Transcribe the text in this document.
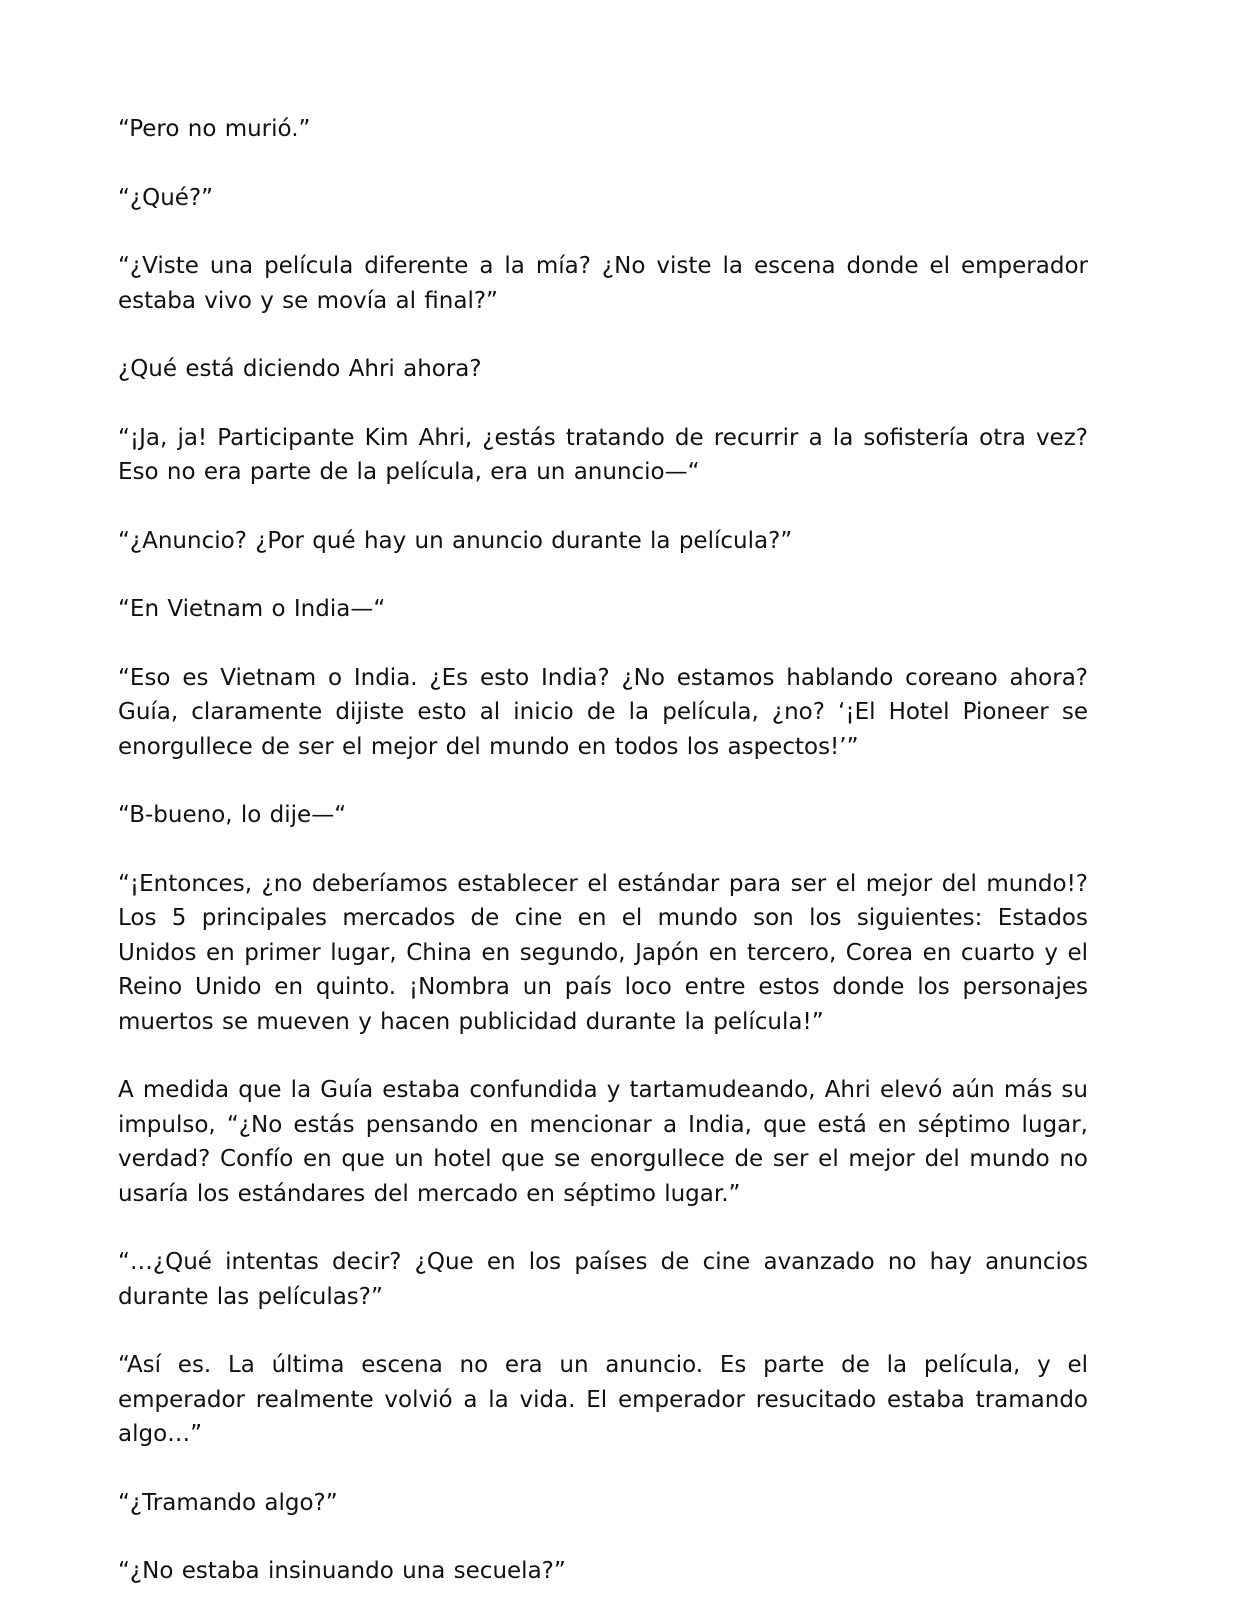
“Pero no murió.”

“¿Qué?”

“¿Viste una película diferente a la mía? ¿No viste la escena donde el emperador estaba vivo y se movía al final?”

¿Qué está diciendo Ahri ahora?

“¡Ja, ja! Participante Kim Ahri, ¿estás tratando de recurrir a la sofistería otra vez? Eso no era parte de la película, era un anuncio—“

“¿Anuncio? ¿Por qué hay un anuncio durante la película?”

“En Vietnam o India—“

“Eso es Vietnam o India. ¿Es esto India? ¿No estamos hablando coreano ahora? Guía, claramente dijiste esto al inicio de la película, ¿no? ‘¡El Hotel Pioneer se enorgullece de ser el mejor del mundo en todos los aspectos!’”

“B-bueno, lo dije—“

“¡Entonces, ¿no deberíamos establecer el estándar para ser el mejor del mundo!? Los 5 principales mercados de cine en el mundo son los siguientes: Estados Unidos en primer lugar, China en segundo, Japón en tercero, Corea en cuarto y el Reino Unido en quinto. ¡Nombra un país loco entre estos donde los personajes muertos se mueven y hacen publicidad durante la película!”

A medida que la Guía estaba confundida y tartamudeando, Ahri elevó aún más su impulso, “¿No estás pensando en mencionar a India, que está en séptimo lugar, verdad? Confío en que un hotel que se enorgullece de ser el mejor del mundo no usaría los estándares del mercado en séptimo lugar.”

“…¿Qué intentas decir? ¿Que en los países de cine avanzado no hay anuncios durante las películas?”

“Así es. La última escena no era un anuncio. Es parte de la película, y el emperador realmente volvió a la vida. El emperador resucitado estaba tramando algo…”

“¿Tramando algo?”

“¿No estaba insinuando una secuela?”
